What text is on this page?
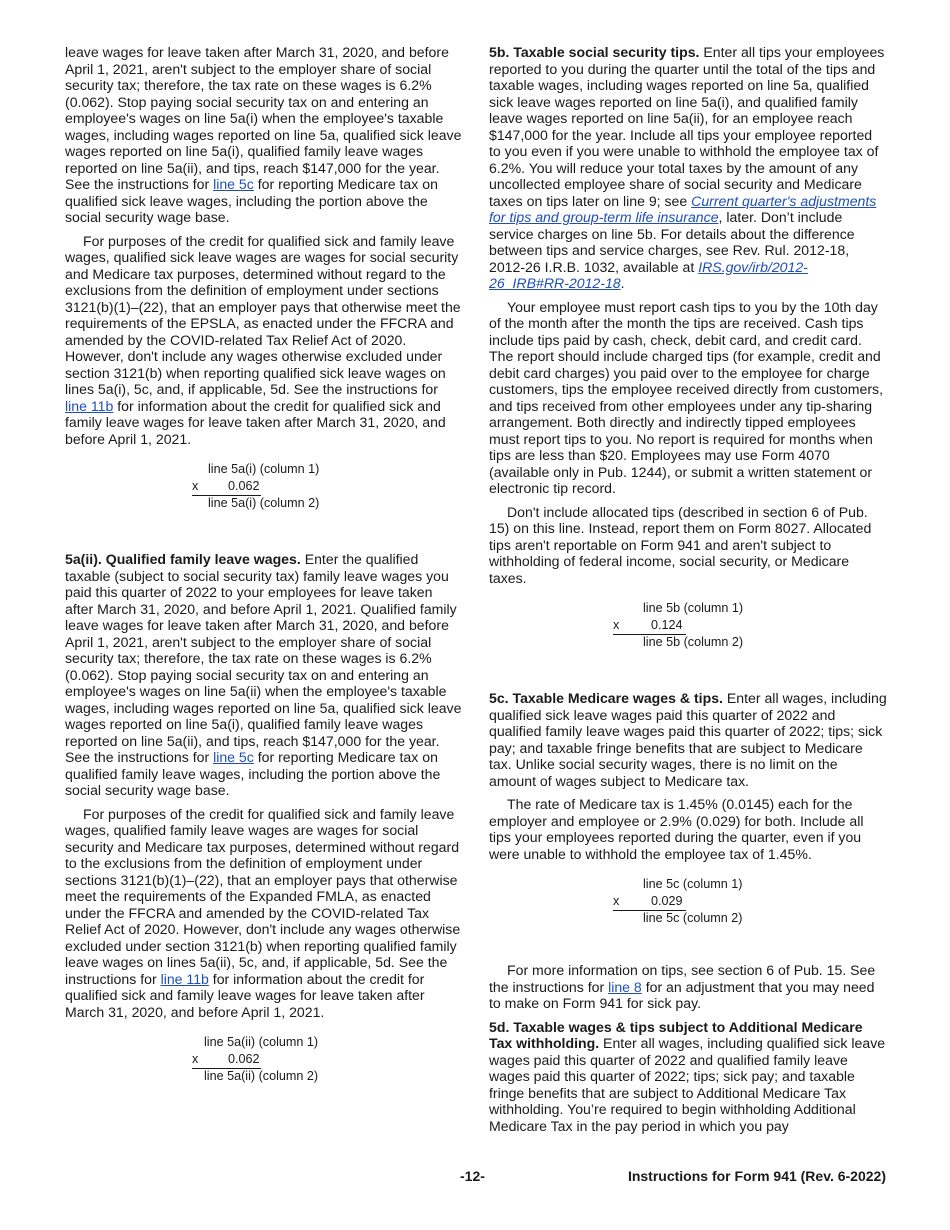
leave wages for leave taken after March 31, 2020, and before April 1, 2021, aren't subject to the employer share of social security tax; therefore, the tax rate on these wages is 6.2% (0.062). Stop paying social security tax on and entering an employee's wages on line 5a(i) when the employee's taxable wages, including wages reported on line 5a, qualified sick leave wages reported on line 5a(i), qualified family leave wages reported on line 5a(ii), and tips, reach $147,000 for the year. See the instructions for line 5c for reporting Medicare tax on qualified sick leave wages, including the portion above the social security wage base.

For purposes of the credit for qualified sick and family leave wages, qualified sick leave wages are wages for social security and Medicare tax purposes, determined without regard to the exclusions from the definition of employment under sections 3121(b)(1)–(22), that an employer pays that otherwise meet the requirements of the EPSLA, as enacted under the FFCRA and amended by the COVID-related Tax Relief Act of 2020. However, don't include any wages otherwise excluded under section 3121(b) when reporting qualified sick leave wages on lines 5a(i), 5c, and, if applicable, 5d. See the instructions for line 11b for information about the credit for qualified sick and family leave wages for leave taken after March 31, 2020, and before April 1, 2021.

line 5a(i) (column 1)
x 0.062
line 5a(i) (column 2)

5a(ii). Qualified family leave wages. Enter the qualified taxable (subject to social security tax) family leave wages you paid this quarter of 2022 to your employees for leave taken after March 31, 2020, and before April 1, 2021. Qualified family leave wages for leave taken after March 31, 2020, and before April 1, 2021, aren't subject to the employer share of social security tax; therefore, the tax rate on these wages is 6.2% (0.062). Stop paying social security tax on and entering an employee's wages on line 5a(ii) when the employee's taxable wages, including wages reported on line 5a, qualified sick leave wages reported on line 5a(i), qualified family leave wages reported on line 5a(ii), and tips, reach $147,000 for the year. See the instructions for line 5c for reporting Medicare tax on qualified family leave wages, including the portion above the social security wage base.

For purposes of the credit for qualified sick and family leave wages, qualified family leave wages are wages for social security and Medicare tax purposes, determined without regard to the exclusions from the definition of employment under sections 3121(b)(1)–(22), that an employer pays that otherwise meet the requirements of the Expanded FMLA, as enacted under the FFCRA and amended by the COVID-related Tax Relief Act of 2020. However, don't include any wages otherwise excluded under section 3121(b) when reporting qualified family leave wages on lines 5a(ii), 5c, and, if applicable, 5d. See the instructions for line 11b for information about the credit for qualified sick and family leave wages for leave taken after March 31, 2020, and before April 1, 2021.

line 5a(ii) (column 1)
x 0.062
line 5a(ii) (column 2)

5b. Taxable social security tips. Enter all tips your employees reported to you during the quarter until the total of the tips and taxable wages, including wages reported on line 5a, qualified sick leave wages reported on line 5a(i), and qualified family leave wages reported on line 5a(ii), for an employee reach $147,000 for the year. Include all tips your employee reported to you even if you were unable to withhold the employee tax of 6.2%. You will reduce your total taxes by the amount of any uncollected employee share of social security and Medicare taxes on tips later on line 9; see Current quarter's adjustments for tips and group-term life insurance, later. Don’t include service charges on line 5b. For details about the difference between tips and service charges, see Rev. Rul. 2012-18, 2012-26 I.R.B. 1032, available at IRS.gov/irb/2012-26_IRB#RR-2012-18.

Your employee must report cash tips to you by the 10th day of the month after the month the tips are received. Cash tips include tips paid by cash, check, debit card, and credit card. The report should include charged tips (for example, credit and debit card charges) you paid over to the employee for charge customers, tips the employee received directly from customers, and tips received from other employees under any tip-sharing arrangement. Both directly and indirectly tipped employees must report tips to you. No report is required for months when tips are less than $20. Employees may use Form 4070 (available only in Pub. 1244), or submit a written statement or electronic tip record.

Don't include allocated tips (described in section 6 of Pub. 15) on this line. Instead, report them on Form 8027. Allocated tips aren't reportable on Form 941 and aren't subject to withholding of federal income, social security, or Medicare taxes.

line 5b (column 1)
x	0.124
line 5b (column 2)

5c. Taxable Medicare wages & tips. Enter all wages, including qualified sick leave wages paid this quarter of 2022 and qualified family leave wages paid this quarter of 2022; tips; sick pay; and taxable fringe benefits that are subject to Medicare tax. Unlike social security wages, there is no limit on the amount of wages subject to Medicare tax.

The rate of Medicare tax is 1.45% (0.0145) each for the employer and employee or 2.9% (0.029) for both. Include all tips your employees reported during the quarter, even if you were unable to withhold the employee tax of 1.45%.

line 5c (column 1)
x	0.029
line 5c (column 2)

For more information on tips, see section 6 of Pub. 15. See the instructions for line 8 for an adjustment that you may need to make on Form 941 for sick pay.

5d. Taxable wages & tips subject to Additional Medicare Tax withholding. Enter all wages, including qualified sick leave wages paid this quarter of 2022 and qualified family leave wages paid this quarter of 2022; tips; sick pay; and taxable fringe benefits that are subject to Additional Medicare Tax withholding. You’re required to begin withholding Additional Medicare Tax in the pay period in which you pay

-12-	Instructions for Form 941 (Rev. 6-2022)
